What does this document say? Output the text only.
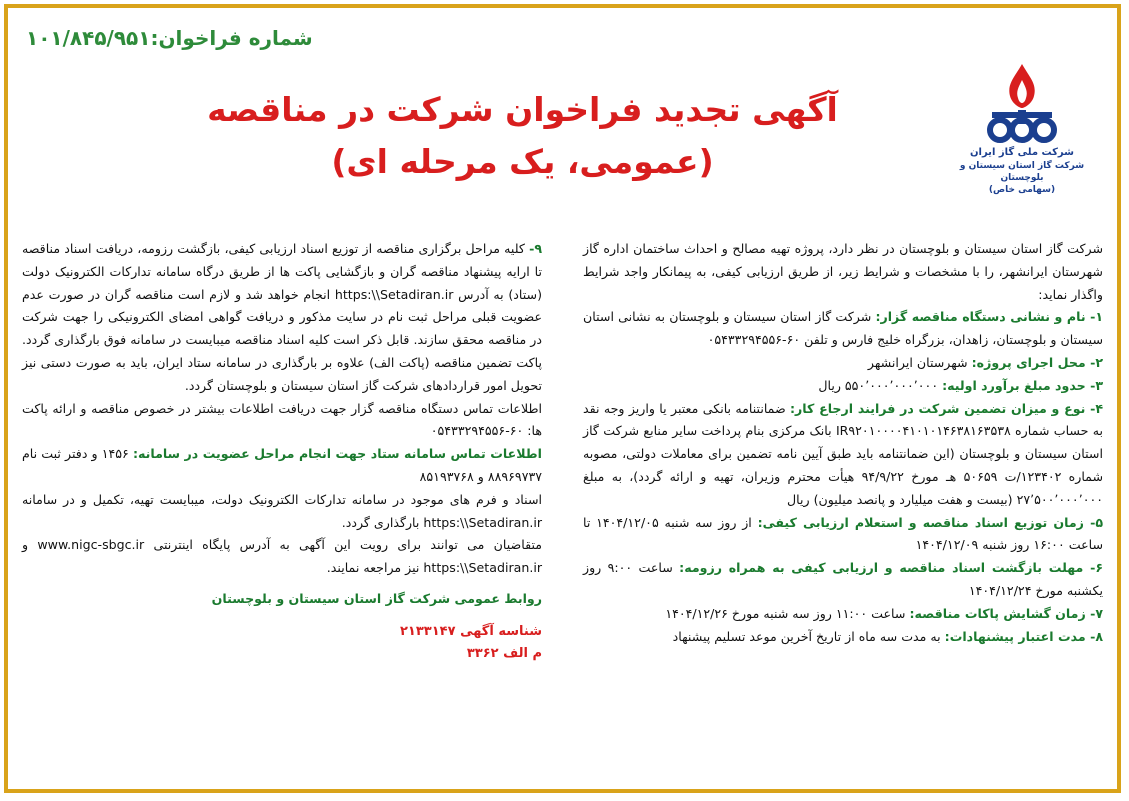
شرکت ملی گاز ایران
شرکت گاز استان سیستان و بلوچستان
(سهامی خاص)
آگهی تجدید فراخوان شرکت در مناقصه
(عمومی، یک مرحله ای)
شماره فراخوان:۱۰۱/۸۴۵/۹۵۱

شرکت گاز استان سیستان و بلوچستان در نظر دارد، پروژه تهیه مصالح و احداث ساختمان اداره گاز شهرستان ایرانشهر، را با مشخصات و شرایط زیر، از طریق ارزیابی کیفی، به پیمانکار واجد شرایط واگذار نماید:

۱- نام و نشانی دستگاه مناقصه گزار: شرکت گاز استان سیستان و بلوچستان به نشانی استان سیستان و بلوچستان، زاهدان، بزرگراه خلیج فارس و تلفن ۶۰-۰۵۴۳۳۲۹۴۵۵۶

۲- محل اجرای پروژه: شهرستان ایرانشهر

۳- حدود مبلغ برآورد اولیه: ۵۵۰٬۰۰۰٬۰۰۰٬۰۰۰ ریال

۴- نوع و میزان تضمین شرکت در فرایند ارجاع کار: ضمانتنامه بانکی معتبر یا واریز وجه نقد به حساب شماره IR۹۲۰۱۰۰۰۰۴۱۰۱۰۱۴۶۳۸۱۶۳۵۳۸ بانک مرکزی بنام پرداخت سایر منابع شرکت گاز استان سیستان و بلوچستان (این ضمانتنامه باید طبق آیین نامه تضمین برای معاملات دولتی، مصوبه شماره ۱۲۳۴۰۲/ت ۵۰۶۵۹ هـ مورخ ۹۴/۹/۲۲ هیأت محترم وزیران، تهیه و ارائه گردد)، به مبلغ ۲۷٬۵۰۰٬۰۰۰٬۰۰۰ (بیست و هفت میلیارد و پانصد میلیون) ریال

۵- زمان توزیع اسناد مناقصه و استعلام ارزیابی کیفی: از روز سه شنبه ۱۴۰۴/۱۲/۰۵ تا ساعت ۱۶:۰۰ روز شنبه ۱۴۰۴/۱۲/۰۹

۶- مهلت بازگشت اسناد مناقصه و ارزیابی کیفی به همراه رزومه: ساعت ۹:۰۰ روز یکشنبه مورخ ۱۴۰۴/۱۲/۲۴

۷- زمان گشایش پاکات مناقصه: ساعت ۱۱:۰۰ روز سه شنبه مورخ ۱۴۰۴/۱۲/۲۶

۸- مدت اعتبار پیشنهادات: به مدت سه ماه از تاریخ آخرین موعد تسلیم پیشنهاد

۹- کلیه مراحل برگزاری مناقصه از توزیع اسناد ارزیابی کیفی، بازگشت رزومه، دریافت اسناد مناقصه تا ارایه پیشنهاد مناقصه گران و بازگشایی پاکت ها از طریق درگاه سامانه تدارکات الکترونیک دولت (ستاد) به آدرس https:\\Setadiran.ir انجام خواهد شد و لازم است مناقصه گران در صورت عدم عضویت قبلی مراحل ثبت نام در سایت مذکور و دریافت گواهی امضای الکترونیکی را جهت شرکت در مناقصه محقق سازند. قابل ذکر است کلیه اسناد مناقصه میبایست در سامانه فوق بارگذاری گردد. پاکت تضمین مناقصه (پاکت الف) علاوه بر بارگذاری در سامانه ستاد ایران، باید به صورت دستی نیز تحویل امور قراردادهای شرکت گاز استان سیستان و بلوچستان گردد.

اطلاعات تماس دستگاه مناقصه گزار جهت دریافت اطلاعات بیشتر در خصوص مناقصه و ارائه پاکت ها: ۶۰-۰۵۴۳۳۲۹۴۵۵۶

اطلاعات تماس سامانه ستاد جهت انجام مراحل عضویت در سامانه: ۱۴۵۶ و دفتر ثبت نام ۸۸۹۶۹۷۳۷ و ۸۵۱۹۳۷۶۸

اسناد و فرم های موجود در سامانه تدارکات الکترونیک دولت، میبایست تهیه، تکمیل و در سامانه https:\\Setadiran.ir بارگذاری گردد.

متقاضیان می توانند برای رویت این آگهی به آدرس پایگاه اینترنتی www.nigc-sbgc.ir و https:\\Setadiran.ir نیز مراجعه نمایند.

روابط عمومی شرکت گاز استان سیستان و بلوچستان

شناسه آگهی ۲۱۳۳۱۴۷

م الف ۳۳۶۲
